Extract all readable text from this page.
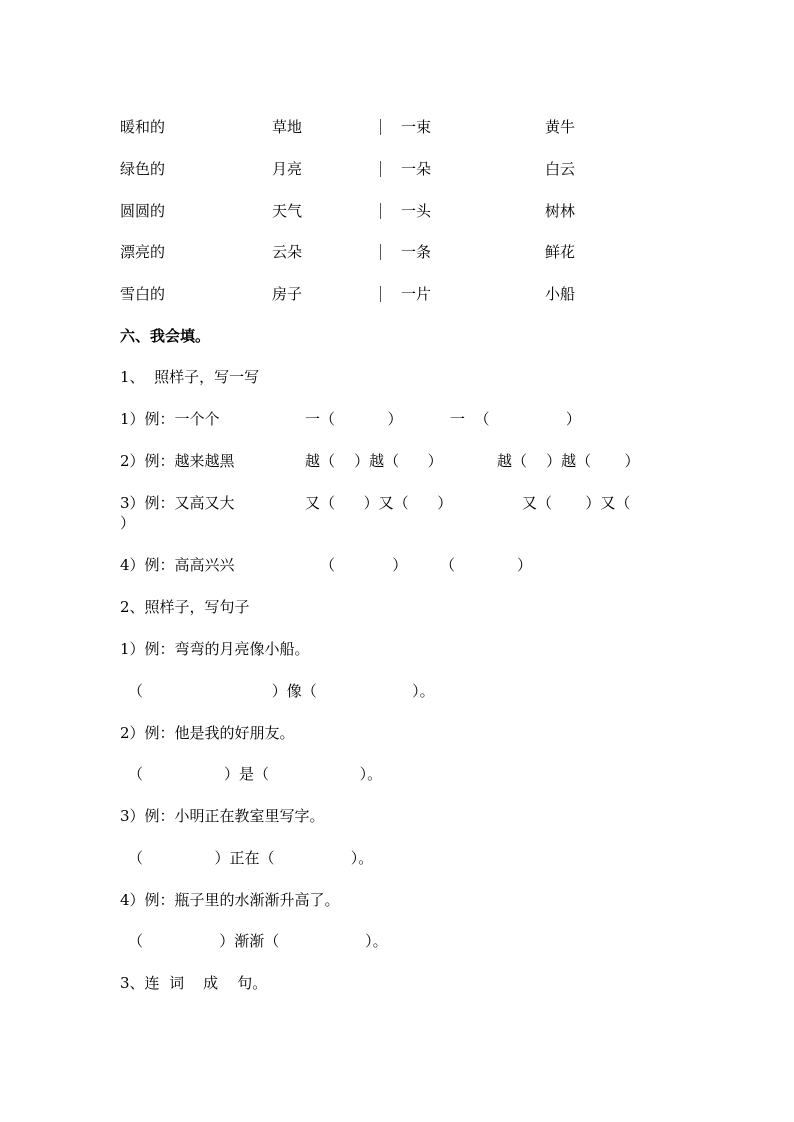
暖和的	草地	一束	黄牛
绿色的	月亮	一朵	白云
圆圆的	天气	一头	树林
漂亮的	云朵	一条	鲜花
雪白的	房子	一片	小船
六、我会填。
1、  照样子，写一写
1）例：一个个	一（           ）	一  （                ）
2）例：越来越黑	越（    ）越（      ）	越（    ）越（       ）
3）例：又高又大	又（      ）又（      ）	又（       ）又（
）
4）例：高高兴兴	（            ） （             ）
2、照样子，写句子
1）例：弯弯的月亮像小船。
（                           ）像（                    ）。
2）例：他是我的好朋友。
（                 ）是（                   ）。
3）例：小明正在教室里写字。
（               ）正在（                ）。
4）例：瓶子里的水渐渐升高了。
（                ）渐渐（                  ）。
3、连  词    成    句。
